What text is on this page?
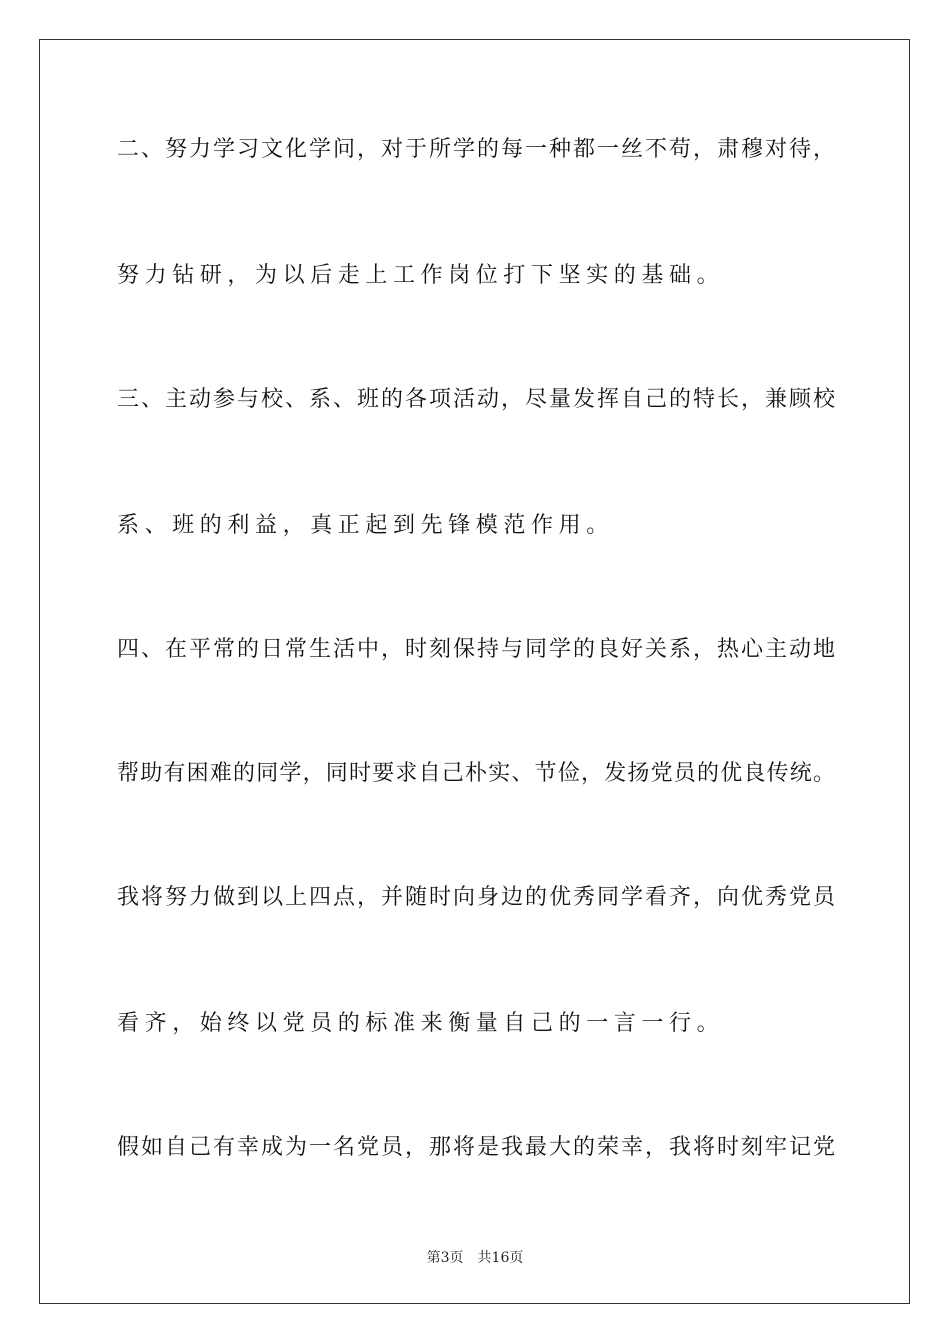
二、努力学习文化学问，对于所学的每一种都一丝不苟，肃穆对待，

努力钻研，为以后走上工作岗位打下坚实的基础。

三、主动参与校、系、班的各项活动，尽量发挥自己的特长，兼顾校

系、班的利益，真正起到先锋模范作用。

四、在平常的日常生活中，时刻保持与同学的良好关系，热心主动地

帮助有困难的同学，同时要求自己朴实、节俭，发扬党员的优良传统。

我将努力做到以上四点，并随时向身边的优秀同学看齐，向优秀党员

看齐，始终以党员的标准来衡量自己的一言一行。

假如自己有幸成为一名党员，那将是我最大的荣幸，我将时刻牢记党

第3页 共16页
